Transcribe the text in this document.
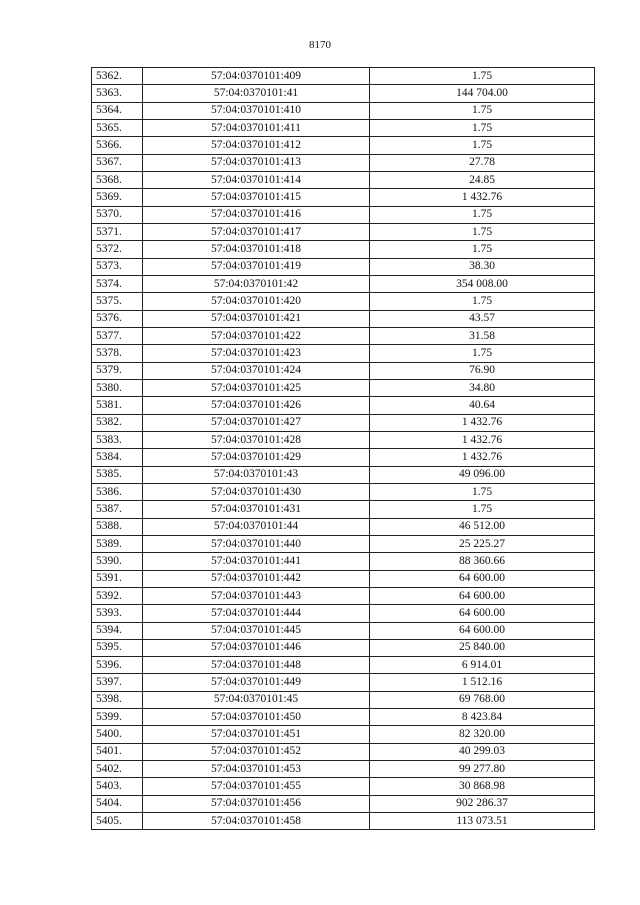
8170
5362.	57:04:0370101:409	1.75
5363.	57:04:0370101:41	144 704.00
5364.	57:04:0370101:410	1.75
5365.	57:04:0370101:411	1.75
5366.	57:04:0370101:412	1.75
5367.	57:04:0370101:413	27.78
5368.	57:04:0370101:414	24.85
5369.	57:04:0370101:415	1 432.76
5370.	57:04:0370101:416	1.75
5371.	57:04:0370101:417	1.75
5372.	57:04:0370101:418	1.75
5373.	57:04:0370101:419	38.30
5374.	57:04:0370101:42	354 008.00
5375.	57:04:0370101:420	1.75
5376.	57:04:0370101:421	43.57
5377.	57:04:0370101:422	31.58
5378.	57:04:0370101:423	1.75
5379.	57:04:0370101:424	76.90
5380.	57:04:0370101:425	34.80
5381.	57:04:0370101:426	40.64
5382.	57:04:0370101:427	1 432.76
5383.	57:04:0370101:428	1 432.76
5384.	57:04:0370101:429	1 432.76
5385.	57:04:0370101:43	49 096.00
5386.	57:04:0370101:430	1.75
5387.	57:04:0370101:431	1.75
5388.	57:04:0370101:44	46 512.00
5389.	57:04:0370101:440	25 225.27
5390.	57:04:0370101:441	88 360.66
5391.	57:04:0370101:442	64 600.00
5392.	57:04:0370101:443	64 600.00
5393.	57:04:0370101:444	64 600.00
5394.	57:04:0370101:445	64 600.00
5395.	57:04:0370101:446	25 840.00
5396.	57:04:0370101:448	6 914.01
5397.	57:04:0370101:449	1 512.16
5398.	57:04:0370101:45	69 768.00
5399.	57:04:0370101:450	8 423.84
5400.	57:04:0370101:451	82 320.00
5401.	57:04:0370101:452	40 299.03
5402.	57:04:0370101:453	99 277.80
5403.	57:04:0370101:455	30 868.98
5404.	57:04:0370101:456	902 286.37
5405.	57:04:0370101:458	113 073.51
